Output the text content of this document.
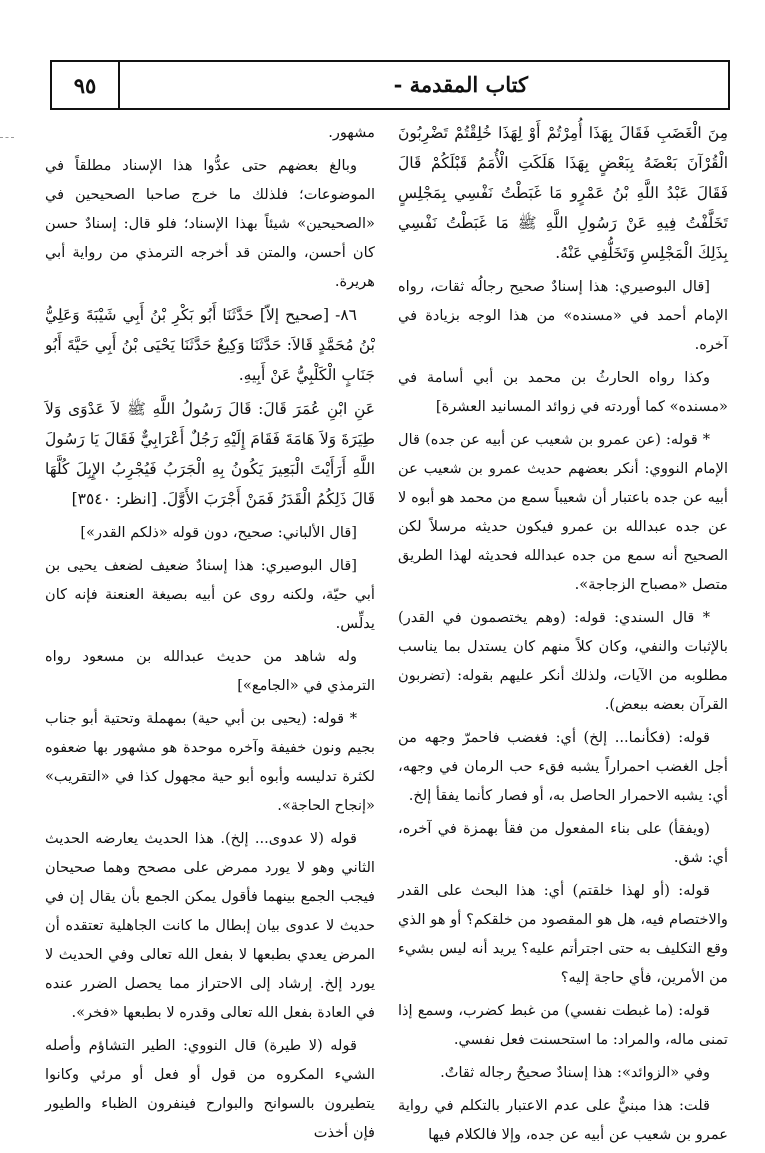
كتاب المقدمة -
٩٥

مِنَ الْغَضَبِ فَقَالَ بِهَذَا أُمِرْتُمْ أَوْ لِهَذَا خُلِقْتُمْ تَضْرِبُونَ الْقُرْآنَ بَعْضَهُ بِبَعْضٍ بِهَذَا هَلَكَتِ الْأُمَمُ قَبْلَكُمْ قَالَ فَقَالَ عَبْدُ اللَّهِ بْنُ عَمْرٍو مَا غَبَطْتُ نَفْسِي بِمَجْلِسٍ تَخَلَّفْتُ فِيهِ عَنْ رَسُولِ اللَّهِ ﷺ مَا غَبَطْتُ نَفْسِي بِذَلِكَ الْمَجْلِسِ وَتَخَلُّفِي عَنْهُ.

[قال البوصيري: هذا إسنادٌ صحيح رجالُه ثقات، رواه الإمام أحمد في «مسنده» من هذا الوجه بزيادة في آخره.

وكذا رواه الحارثُ بن محمد بن أبي أسامة في «مسنده» كما أوردته في زوائد المسانيد العشرة]

* قوله: (عن عمرو بن شعيب عن أبيه عن جده) قال الإمام النووي: أنكر بعضهم حديث عمرو بن شعيب عن أبيه عن جده باعتبار أن شعيباً سمع من محمد هو أبوه لا عن جده عبدالله بن عمرو فيكون حديثه مرسلاً لكن الصحيح أنه سمع من جده عبدالله فحديثه لهذا الطريق متصل «مصباح الزجاجة».

* قال السندي: قوله: (وهم يختصمون في القدر) بالإثبات والنفي، وكان كلاً منهم كان يستدل بما يناسب مطلوبه من الآيات، ولذلك أنكر عليهم بقوله: (تضربون القرآن بعضه ببعض).

قوله: (فكأنما... إلخ) أي: فغضب فاحمرّ وجهه من أجل الغضب احمراراً يشبه فقء حب الرمان في وجهه، أي: يشبه الاحمرار الحاصل به، أو فصار كأنما يفقأ إلخ.

(ويفقأ) على بناء المفعول من فقأ بهمزة في آخره، أي: شق.

قوله: (أو لهذا خلقتم) أي: هذا البحث على القدر والاختصام فيه، هل هو المقصود من خلقكم؟ أو هو الذي وقع التكليف به حتى اجترأتم عليه؟ يريد أنه ليس بشيء من الأمرين، فأي حاجة إليه؟

قوله: (ما غبطت نفسي) من غبط كضرب، وسمع إذا تمنى ماله، والمراد: ما استحسنت فعل نفسي.

وفي «الزوائد»: هذا إسنادٌ صحيحٌ رجاله ثقاتٌ.

قلت: هذا مبنيٌّ على عدم الاعتبار بالتكلم في رواية عمرو بن شعيب عن أبيه عن جده، وإلا فالكلام فيها

مشهور.

وبالغ بعضهم حتى عدُّوا هذا الإسناد مطلقاً في الموضوعات؛ فلذلك ما خرج صاحبا الصحيحين في «الصحيحين» شيئاً بهذا الإسناد؛ فلو قال: إسنادٌ حسن كان أحسن، والمتن قد أخرجه الترمذي من رواية أبي هريرة.

٨٦- [صحيح إلاّ] حَدَّثَنَا أَبُو بَكْرِ بْنُ أَبِي شَيْبَةَ وَعَلِيُّ بْنُ مُحَمَّدٍ قَالاَ: حَدَّثَنَا وَكِيعٌ حَدَّثَنَا يَحْيَى بْنُ أَبِي حَيَّةَ أَبُو جَنَابٍ الْكَلْبِيُّ عَنْ أَبِيهِ.

عَنِ ابْنِ عُمَرَ قَالَ: قَالَ رَسُولُ اللَّهِ ﷺ لاَ عَدْوَى وَلاَ طِيَرَةَ وَلاَ هَامَةَ فَقَامَ إِلَيْهِ رَجُلٌ أَعْرَابِيٌّ فَقَالَ يَا رَسُولَ اللَّهِ أَرَأَيْتَ الْبَعِيرَ يَكُونُ بِهِ الْجَرَبُ فَيُجْرِبُ الإِبِلَ كُلَّهَا قَالَ ذَلِكُمُ الْقَدَرُ فَمَنْ أَجْرَبَ الأَوَّلَ. [انظر: ٣٥٤٠]

[قال الألباني: صحيح، دون قوله «ذلكم القدر»]

[قال البوصيري: هذا إسنادٌ ضعيف لضعف يحيى بن أبي حيّة، ولكنه روى عن أبيه بصيغة العنعنة فإنه كان يدلِّس.

وله شاهد من حديث عبدالله بن مسعود رواه الترمذي في «الجامع»]

* قوله: (يحيى بن أبي حية) بمهملة وتحتية أبو جناب بجيم ونون خفيفة وآخره موحدة هو مشهور بها ضعفوه لكثرة تدليسه وأبوه أبو حية مجهول كذا في «التقريب» «إنجاح الحاجة».

قوله (لا عدوى... إلخ). هذا الحديث يعارضه الحديث الثاني وهو لا يورد ممرض على مصحح وهما صحيحان فيجب الجمع بينهما فأقول يمكن الجمع بأن يقال إن في حديث لا عدوى بيان إبطال ما كانت الجاهلية تعتقده أن المرض يعدي بطبعها لا بفعل الله تعالى وفي الحديث لا يورد إلخ. إرشاد إلى الاحتراز مما يحصل الضرر عنده في العادة بفعل الله تعالى وقدره لا بطبعها «فخر».

قوله (لا طيرة) قال النووي: الطير التشاؤم وأصله الشيء المكروه من قول أو فعل أو مرئي وكانوا يتطيرون بالسوانح والبوارح فينفرون الظباء والطيور فإن أخذت
